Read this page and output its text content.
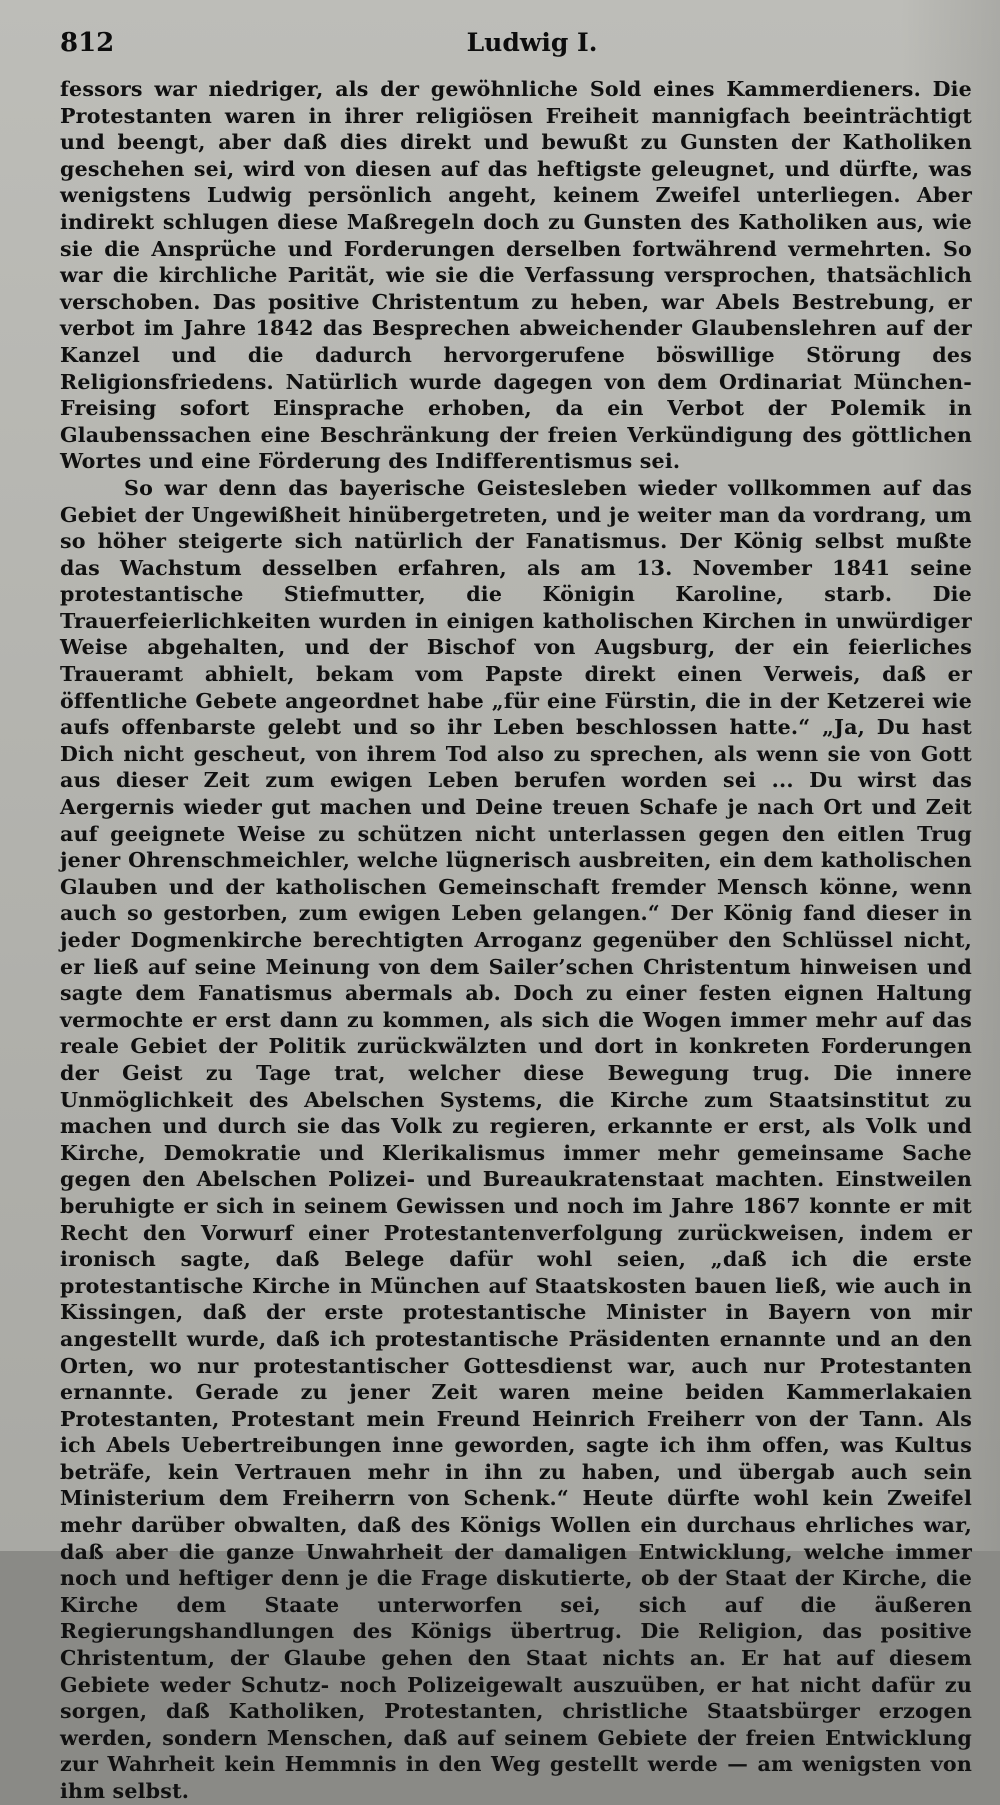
812	Ludwig I.

fessors war niedriger, als der gewöhnliche Sold eines Kammerdieners. Die Protestanten waren in ihrer religiösen Freiheit mannigfach beeinträchtigt und beengt, aber daß dies direkt und bewußt zu Gunsten der Katholiken geschehen sei, wird von diesen auf das heftigste geleugnet, und dürfte, was wenigstens Ludwig persönlich angeht, keinem Zweifel unterliegen. Aber indirekt schlugen diese Maßregeln doch zu Gunsten des Katholiken aus, wie sie die Ansprüche und Forderungen derselben fortwährend vermehrten. So war die kirchliche Parität, wie sie die Verfassung versprochen, thatsächlich verschoben. Das positive Christentum zu heben, war Abels Bestrebung, er verbot im Jahre 1842 das Besprechen abweichender Glaubenslehren auf der Kanzel und die dadurch hervorgerufene böswillige Störung des Religionsfriedens. Natürlich wurde dagegen von dem Ordinariat München-Freising sofort Einsprache erhoben, da ein Verbot der Polemik in Glaubenssachen eine Beschränkung der freien Verkündigung des göttlichen Wortes und eine Förderung des Indifferentismus sei.

So war denn das bayerische Geistesleben wieder vollkommen auf das Gebiet der Ungewißheit hinübergetreten, und je weiter man da vordrang, um so höher steigerte sich natürlich der Fanatismus. Der König selbst mußte das Wachstum desselben erfahren, als am 13. November 1841 seine protestantische Stiefmutter, die Königin Karoline, starb. Die Trauerfeierlichkeiten wurden in einigen katholischen Kirchen in unwürdiger Weise abgehalten, und der Bischof von Augsburg, der ein feierliches Traueramt abhielt, bekam vom Papste direkt einen Verweis, daß er öffentliche Gebete angeordnet habe „für eine Fürstin, die in der Ketzerei wie aufs offenbarste gelebt und so ihr Leben beschlossen hatte.“ „Ja, Du hast Dich nicht gescheut, von ihrem Tod also zu sprechen, als wenn sie von Gott aus dieser Zeit zum ewigen Leben berufen worden sei ... Du wirst das Aergernis wieder gut machen und Deine treuen Schafe je nach Ort und Zeit auf geeignete Weise zu schützen nicht unterlassen gegen den eitlen Trug jener Ohrenschmeichler, welche lügnerisch ausbreiten, ein dem katholischen Glauben und der katholischen Gemeinschaft fremder Mensch könne, wenn auch so gestorben, zum ewigen Leben gelangen.“ Der König fand dieser in jeder Dogmenkirche berechtigten Arroganz gegenüber den Schlüssel nicht, er ließ auf seine Meinung von dem Sailer’schen Christentum hinweisen und sagte dem Fanatismus abermals ab. Doch zu einer festen eignen Haltung vermochte er erst dann zu kommen, als sich die Wogen immer mehr auf das reale Gebiet der Politik zurückwälzten und dort in konkreten Forderungen der Geist zu Tage trat, welcher diese Bewegung trug. Die innere Unmöglichkeit des Abelschen Systems, die Kirche zum Staatsinstitut zu machen und durch sie das Volk zu regieren, erkannte er erst, als Volk und Kirche, Demokratie und Klerikalismus immer mehr gemeinsame Sache gegen den Abelschen Polizei- und Bureaukratenstaat machten. Einstweilen beruhigte er sich in seinem Gewissen und noch im Jahre 1867 konnte er mit Recht den Vorwurf einer Protestantenverfolgung zurückweisen, indem er ironisch sagte, daß Belege dafür wohl seien, „daß ich die erste protestantische Kirche in München auf Staatskosten bauen ließ, wie auch in Kissingen, daß der erste protestantische Minister in Bayern von mir angestellt wurde, daß ich protestantische Präsidenten ernannte und an den Orten, wo nur protestantischer Gottesdienst war, auch nur Protestanten ernannte. Gerade zu jener Zeit waren meine beiden Kammerlakaien Protestanten, Protestant mein Freund Heinrich Freiherr von der Tann. Als ich Abels Uebertreibungen inne geworden, sagte ich ihm offen, was Kultus beträfe, kein Vertrauen mehr in ihn zu haben, und übergab auch sein Ministerium dem Freiherrn von Schenk.“ Heute dürfte wohl kein Zweifel mehr darüber obwalten, daß des Königs Wollen ein durchaus ehrliches war, daß aber die ganze Unwahrheit der damaligen Entwicklung, welche immer noch und heftiger denn je die Frage diskutierte, ob der Staat der Kirche, die Kirche dem Staate unterworfen sei, sich auf die äußeren Regierungshandlungen des Königs übertrug. Die Religion, das positive Christentum, der Glaube gehen den Staat nichts an. Er hat auf diesem Gebiete weder Schutz- noch Polizeigewalt auszuüben, er hat nicht dafür zu sorgen, daß Katholiken, Protestanten, christliche Staatsbürger erzogen werden, sondern Menschen, daß auf seinem Gebiete der freien Entwicklung zur Wahrheit kein Hemmnis in den Weg gestellt werde — am wenigsten von ihm selbst.
